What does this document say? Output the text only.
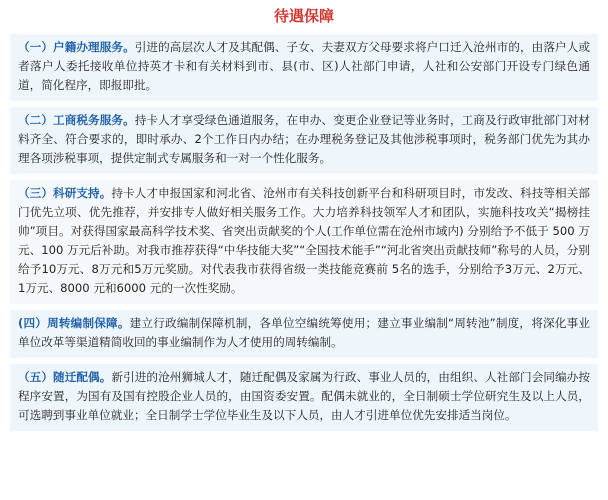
待遇保障
（一）户籍办理服务。引进的高层次人才及其配偶、子女、夫妻双方父母要求将户口迁入沧州市的，由落户人或者落户人委托接收单位持英才卡和有关材料到市、县(市、区)人社部门申请，人社和公安部门开设专门绿色通道，简化程序，即报即批。
（二）工商税务服务。持卡人才享受绿色通道服务，在申办、变更企业登记等业务时，工商及行政审批部门对材料齐全、符合要求的，即时承办、2个工作日内办结；在办理税务登记及其他涉税事项时，税务部门优先为其办理各项涉税事项，提供定制式专属服务和一对一个性化服务。
（三）科研支持。持卡人才申报国家和河北省、沧州市有关科技创新平台和科研项目时，市发改、科技等相关部门优先立项、优先推荐，并安排专人做好相关服务工作。大力培养科技领军人才和团队，实施科技攻关“揭榜挂帅”项目。对获得国家最高科学技术奖、省突出贡献奖的个人(工作单位需在沧州市域内) 分别给予不低于 500 万元、100 万元后补助。对我市推荐获得“中华技能大奖”“全国技术能手”“河北省突出贡献技师”称号的人员，分别给予10万元、8万元和5万元奖励。对代表我市获得省级一类技能竞赛前 5名的选手，分别给予3万元、2万元、1万元、8000 元和6000 元的一次性奖励。
(四）周转编制保障。建立行政编制保障机制，各单位空编统筹使用；建立事业编制“周转池”制度，将深化事业单位改革等渠道精简收回的事业编制作为人才使用的周转编制。
（五）随迁配偶。新引进的沧州狮城人才，随迁配偶及家属为行政、事业人员的，由组织、人社部门会同编办按程序安置，为国有及国有控股企业人员的，由国资委安置。配偶未就业的，全日制硕士学位研究生及以上人员，可选聘到事业单位就业；全日制学士学位毕业生及以下人员，由人才引进单位优先安排适当岗位。
